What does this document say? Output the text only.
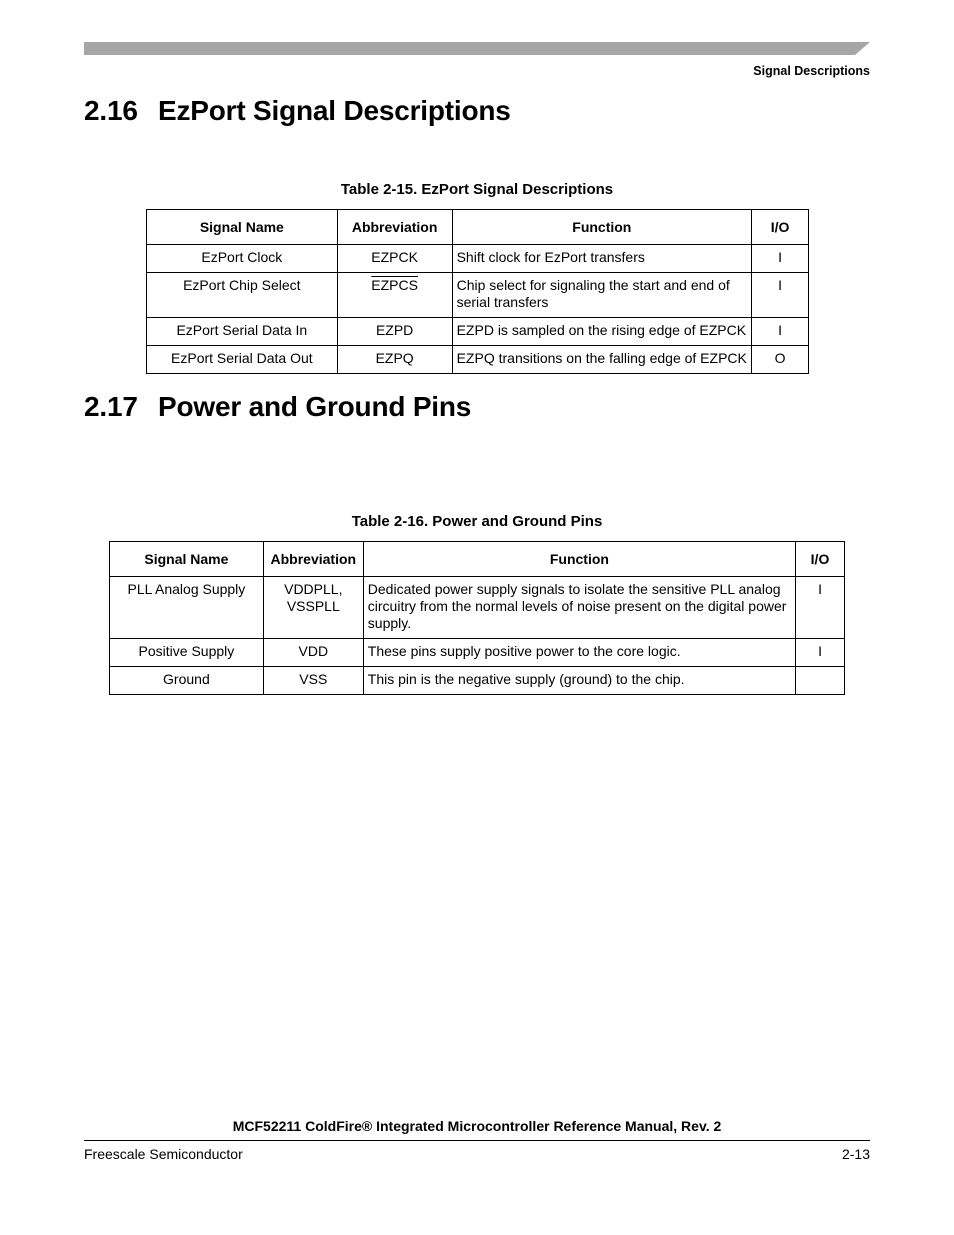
Signal Descriptions
2.16 EzPort Signal Descriptions
Table 2-15. EzPort Signal Descriptions
Signal Name	Abbreviation	Function	I/O
EzPort Clock	EZPCK	Shift clock for EzPort transfers	I
EzPort Chip Select	EZPCS	Chip select for signaling the start and end of serial transfers	I
EzPort Serial Data In	EZPD	EZPD is sampled on the rising edge of EZPCK	I
EzPort Serial Data Out	EZPQ	EZPQ transitions on the falling edge of EZPCK	O
2.17 Power and Ground Pins
Table 2-16. Power and Ground Pins
Signal Name	Abbreviation	Function	I/O
PLL Analog Supply	VDDPLL, VSSPLL	Dedicated power supply signals to isolate the sensitive PLL analog circuitry from the normal levels of noise present on the digital power supply.	I
Positive Supply	VDD	These pins supply positive power to the core logic.	I
Ground	VSS	This pin is the negative supply (ground) to the chip.	
MCF52211 ColdFire® Integrated Microcontroller Reference Manual, Rev. 2
Freescale Semiconductor	2-13
